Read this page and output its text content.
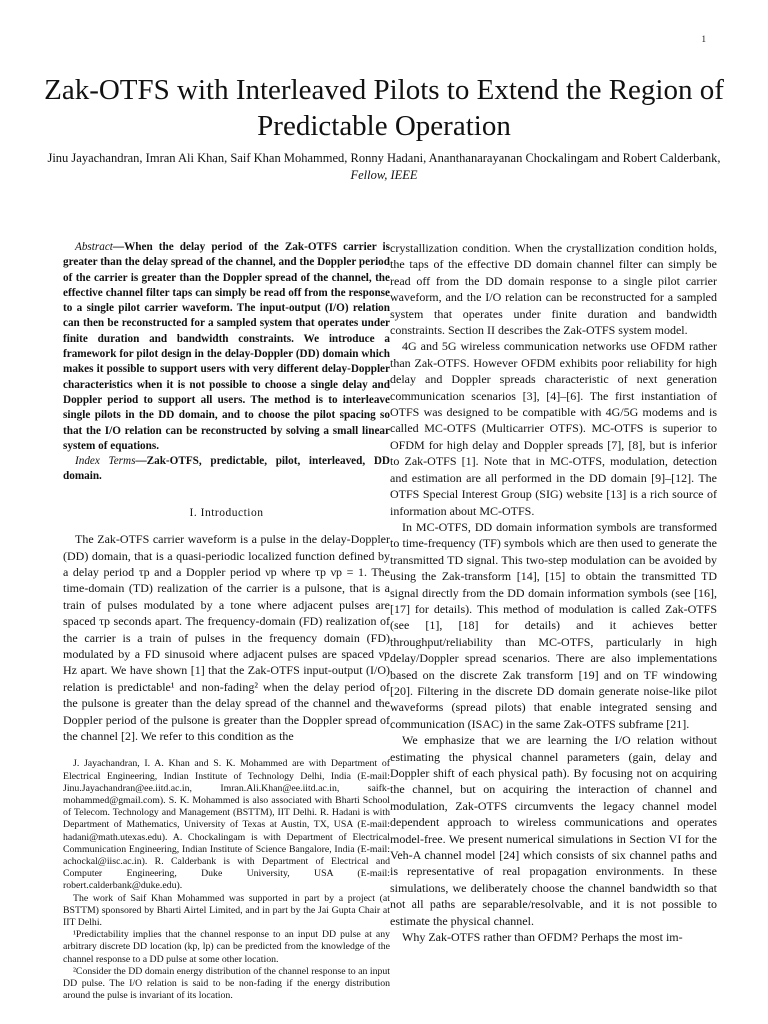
1
Zak-OTFS with Interleaved Pilots to Extend the Region of Predictable Operation
Jinu Jayachandran, Imran Ali Khan, Saif Khan Mohammed, Ronny Hadani, Ananthanarayanan Chockalingam and Robert Calderbank, Fellow, IEEE

Abstract—When the delay period of the Zak-OTFS carrier is greater than the delay spread of the channel, and the Doppler period of the carrier is greater than the Doppler spread of the channel, the effective channel filter taps can simply be read off from the response to a single pilot carrier waveform. The input-output (I/O) relation can then be reconstructed for a sampled system that operates under finite duration and bandwidth constraints. We introduce a framework for pilot design in the delay-Doppler (DD) domain which makes it possible to support users with very different delay-Doppler characteristics when it is not possible to choose a single delay and Doppler period to support all users. The method is to interleave single pilots in the DD domain, and to choose the pilot spacing so that the I/O relation can be reconstructed by solving a small linear system of equations.

Index Terms—Zak-OTFS, predictable, pilot, interleaved, DD domain.

I. Introduction

The Zak-OTFS carrier waveform is a pulse in the delay-Doppler (DD) domain, that is a quasi-periodic localized function defined by a delay period τp and a Doppler period νp where τp νp = 1. The time-domain (TD) realization of the carrier is a pulsone, that is a train of pulses modulated by a tone where adjacent pulses are spaced τp seconds apart. The frequency-domain (FD) realization of the carrier is a train of pulses in the frequency domain (FD) modulated by a FD sinusoid where adjacent pulses are spaced νp Hz apart. We have shown [1] that the Zak-OTFS input-output (I/O) relation is predictable¹ and non-fading² when the delay period of the pulsone is greater than the delay spread of the channel and the Doppler period of the pulsone is greater than the Doppler spread of the channel [2]. We refer to this condition as the

J. Jayachandran, I. A. Khan and S. K. Mohammed are with Department of Electrical Engineering, Indian Institute of Technology Delhi, India (E-mail: Jinu.Jayachandran@ee.iitd.ac.in, Imran.Ali.Khan@ee.iitd.ac.in, saifk-mohammed@gmail.com). S. K. Mohammed is also associated with Bharti School of Telecom. Technology and Management (BSTTM), IIT Delhi. R. Hadani is with Department of Mathematics, University of Texas at Austin, TX, USA (E-mail: hadani@math.utexas.edu). A. Chockalingam is with Department of Electrical Communication Engineering, Indian Institute of Science Bangalore, India (E-mail: achockal@iisc.ac.in). R. Calderbank is with Department of Electrical and Computer Engineering, Duke University, USA (E-mail: robert.calderbank@duke.edu).

The work of Saif Khan Mohammed was supported in part by a project (at BSTTM) sponsored by Bharti Airtel Limited, and in part by the Jai Gupta Chair at IIT Delhi.

¹Predictability implies that the channel response to an input DD pulse at any arbitrary discrete DD location (kp, lp) can be predicted from the knowledge of the channel response to a DD pulse at some other location.

²Consider the DD domain energy distribution of the channel response to an input DD pulse. The I/O relation is said to be non-fading if the energy distribution around the pulse is invariant of its location.

crystallization condition. When the crystallization condition holds, the taps of the effective DD domain channel filter can simply be read off from the DD domain response to a single pilot carrier waveform, and the I/O relation can be reconstructed for a sampled system that operates under finite duration and bandwidth constraints. Section II describes the Zak-OTFS system model.

4G and 5G wireless communication networks use OFDM rather than Zak-OTFS. However OFDM exhibits poor reliability for high delay and Doppler spreads characteristic of next generation communication scenarios [3], [4]–[6]. The first instantiation of OTFS was designed to be compatible with 4G/5G modems and is called MC-OTFS (Multicarrier OTFS). MC-OTFS is superior to OFDM for high delay and Doppler spreads [7], [8], but is inferior to Zak-OTFS [1]. Note that in MC-OTFS, modulation, detection and estimation are all performed in the DD domain [9]–[12]. The OTFS Special Interest Group (SIG) website [13] is a rich source of information about MC-OTFS.

In MC-OTFS, DD domain information symbols are transformed to time-frequency (TF) symbols which are then used to generate the transmitted TD signal. This two-step modulation can be avoided by using the Zak-transform [14], [15] to obtain the transmitted TD signal directly from the DD domain information symbols (see [16], [17] for details). This method of modulation is called Zak-OTFS (see [1], [18] for details) and it achieves better throughput/reliability than MC-OTFS, particularly in high delay/Doppler spread scenarios. There are also implementations based on the discrete Zak transform [19] and on TF windowing [20]. Filtering in the discrete DD domain generate noise-like pilot waveforms (spread pilots) that enable integrated sensing and communication (ISAC) in the same Zak-OTFS subframe [21].

We emphasize that we are learning the I/O relation without estimating the physical channel parameters (gain, delay and Doppler shift of each physical path). By focusing not on acquiring the channel, but on acquiring the interaction of channel and modulation, Zak-OTFS circumvents the legacy channel model dependent approach to wireless communications and operates model-free. We present numerical simulations in Section VI for the Veh-A channel model [24] which consists of six channel paths and is representative of real propagation environments. In these simulations, we deliberately choose the channel bandwidth so that not all paths are separable/resolvable, and it is not possible to estimate the physical channel.

Why Zak-OTFS rather than OFDM? Perhaps the most im-
